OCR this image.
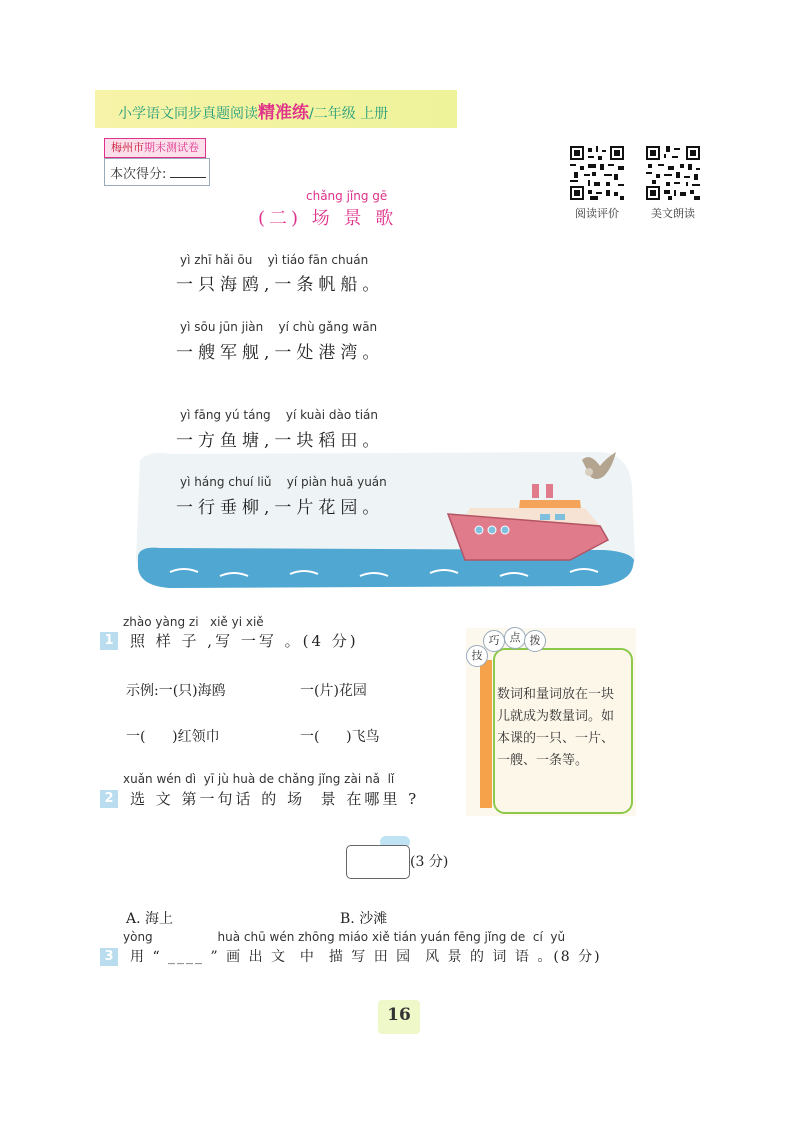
小学语文同步真题阅读精准练/二年级 上册
梅州市期末测试卷
本次得分:
阅读评价	美文朗读
chǎng jǐng gē
(二) 场 景 歌
yì zhī hǎi ōu    yì tiáo fān chuán
一只海鸥,一条帆船。
yì sōu jūn jiàn    yí chù gǎng wān
一艘军舰,一处港湾。
yì fāng yú táng    yí kuài dào tián
一方鱼塘,一块稻田。
yì háng chuí liǔ    yí piàn huā yuán
一行垂柳,一片花园。
zhào yàng zi   xiě yi xiě
1 照 样 子 ,写 一写 。(4 分)
示例:一(只)海鸥	一(片)花园
一(      )红领巾	一(      )飞鸟
技
巧 点 拨
数词和量词放在一块儿就成为数量词。如本课的一只、一片、一艘、一条等。
xuǎn wén dì  yī jù huà de chǎng jǐng zài nǎ  lǐ
2 选 文 第一句话 的 场  景 在哪里 ?
(3 分)
A. 海上	B. 沙滩
yòng                 huà chū wén zhōng miáo xiě tián yuán fēng jǐng de  cí  yǔ
3	用 “ ____ ” 画 出 文  中  描 写 田 园  风 景 的 词 语 。(8 分)
16
